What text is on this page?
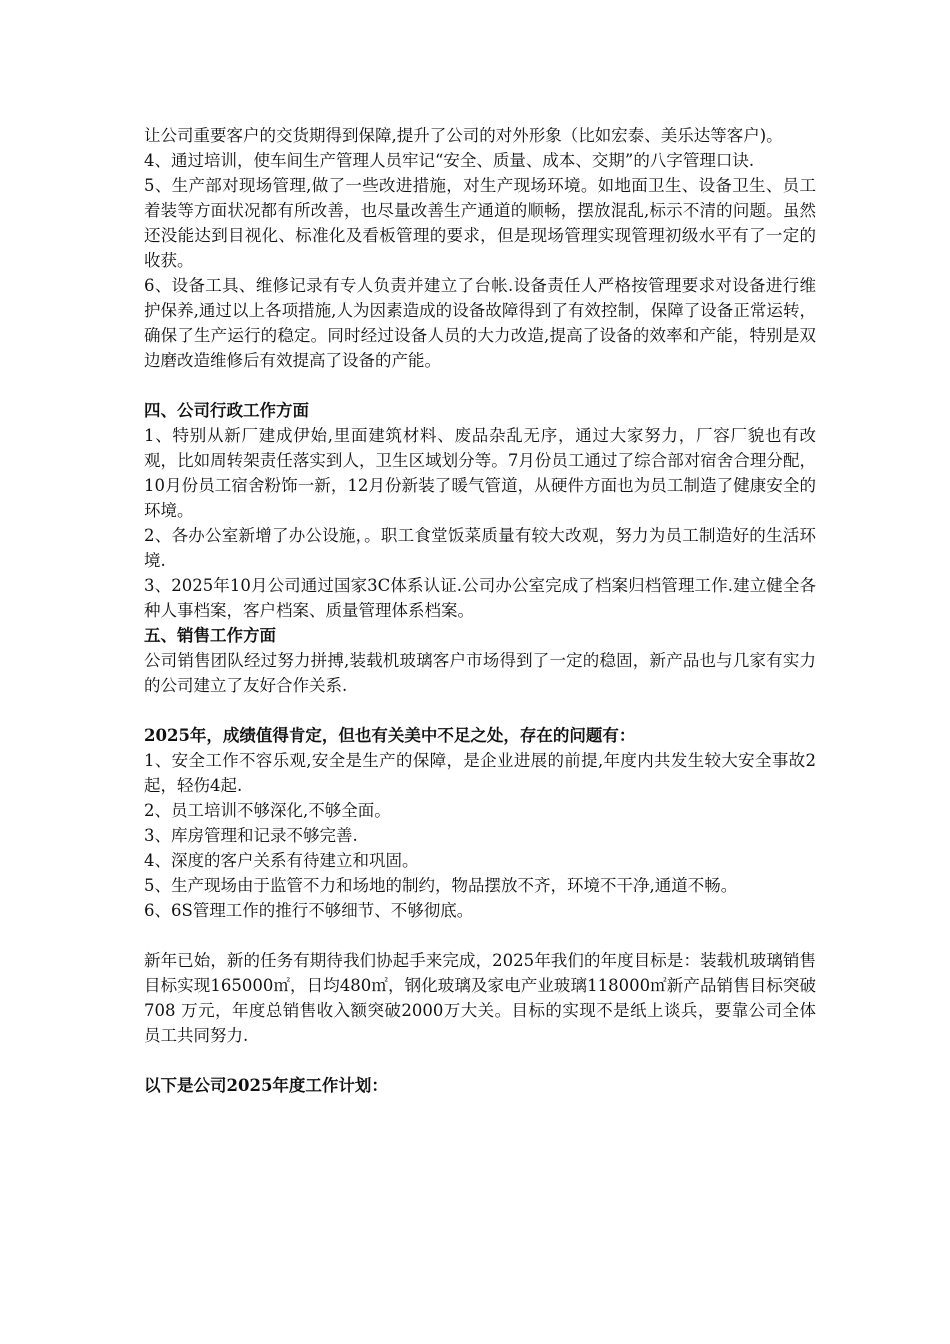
让公司重要客户的交货期得到保障,提升了公司的对外形象（比如宏泰、美乐达等客户)。

4、通过培训，使车间生产管理人员牢记“安全、质量、成本、交期”的八字管理口诀.

5、生产部对现场管理,做了一些改进措施，对生产现场环境。如地面卫生、设备卫生、员工着装等方面状况都有所改善，也尽量改善生产通道的顺畅，摆放混乱,标示不清的问题。虽然还没能达到目视化、标准化及看板管理的要求，但是现场管理实现管理初级水平有了一定的收获。

6、设备工具、维修记录有专人负责并建立了台帐.设备责任人严格按管理要求对设备进行维护保养,通过以上各项措施,人为因素造成的设备故障得到了有效控制，保障了设备正常运转，确保了生产运行的稳定。同时经过设备人员的大力改造,提高了设备的效率和产能，特别是双边磨改造维修后有效提高了设备的产能。

四、公司行政工作方面

1、特别从新厂建成伊始,里面建筑材料、废品杂乱无序，通过大家努力，厂容厂貌也有改观，比如周转架责任落实到人，卫生区域划分等。7月份员工通过了综合部对宿舍合理分配，10月份员工宿舍粉饰一新，12月份新装了暖气管道，从硬件方面也为员工制造了健康安全的环境。

2、各办公室新增了办公设施，。职工食堂饭菜质量有较大改观，努力为员工制造好的生活环境.

3、2025年10月公司通过国家3C体系认证.公司办公室完成了档案归档管理工作.建立健全各种人事档案，客户档案、质量管理体系档案。

五、销售工作方面

公司销售团队经过努力拼搏,装载机玻璃客户市场得到了一定的稳固，新产品也与几家有实力的公司建立了友好合作关系.

2025年，成绩值得肯定，但也有关美中不足之处，存在的问题有：

1、安全工作不容乐观,安全是生产的保障，是企业进展的前提,年度内共发生较大安全事故2起，轻伤4起.

2、员工培训不够深化,不够全面。

3、库房管理和记录不够完善.

4、深度的客户关系有待建立和巩固。

5、生产现场由于监管不力和场地的制约，物品摆放不齐，环境不干净,通道不畅。

6、6S管理工作的推行不够细节、不够彻底。

新年已始，新的任务有期待我们协起手来完成，2025年我们的年度目标是：装载机玻璃销售目标实现165000㎡，日均480㎡，钢化玻璃及家电产业玻璃118000㎡新产品销售目标突破708 万元，年度总销售收入额突破2000万大关。目标的实现不是纸上谈兵，要靠公司全体员工共同努力.

以下是公司2025年度工作计划：
